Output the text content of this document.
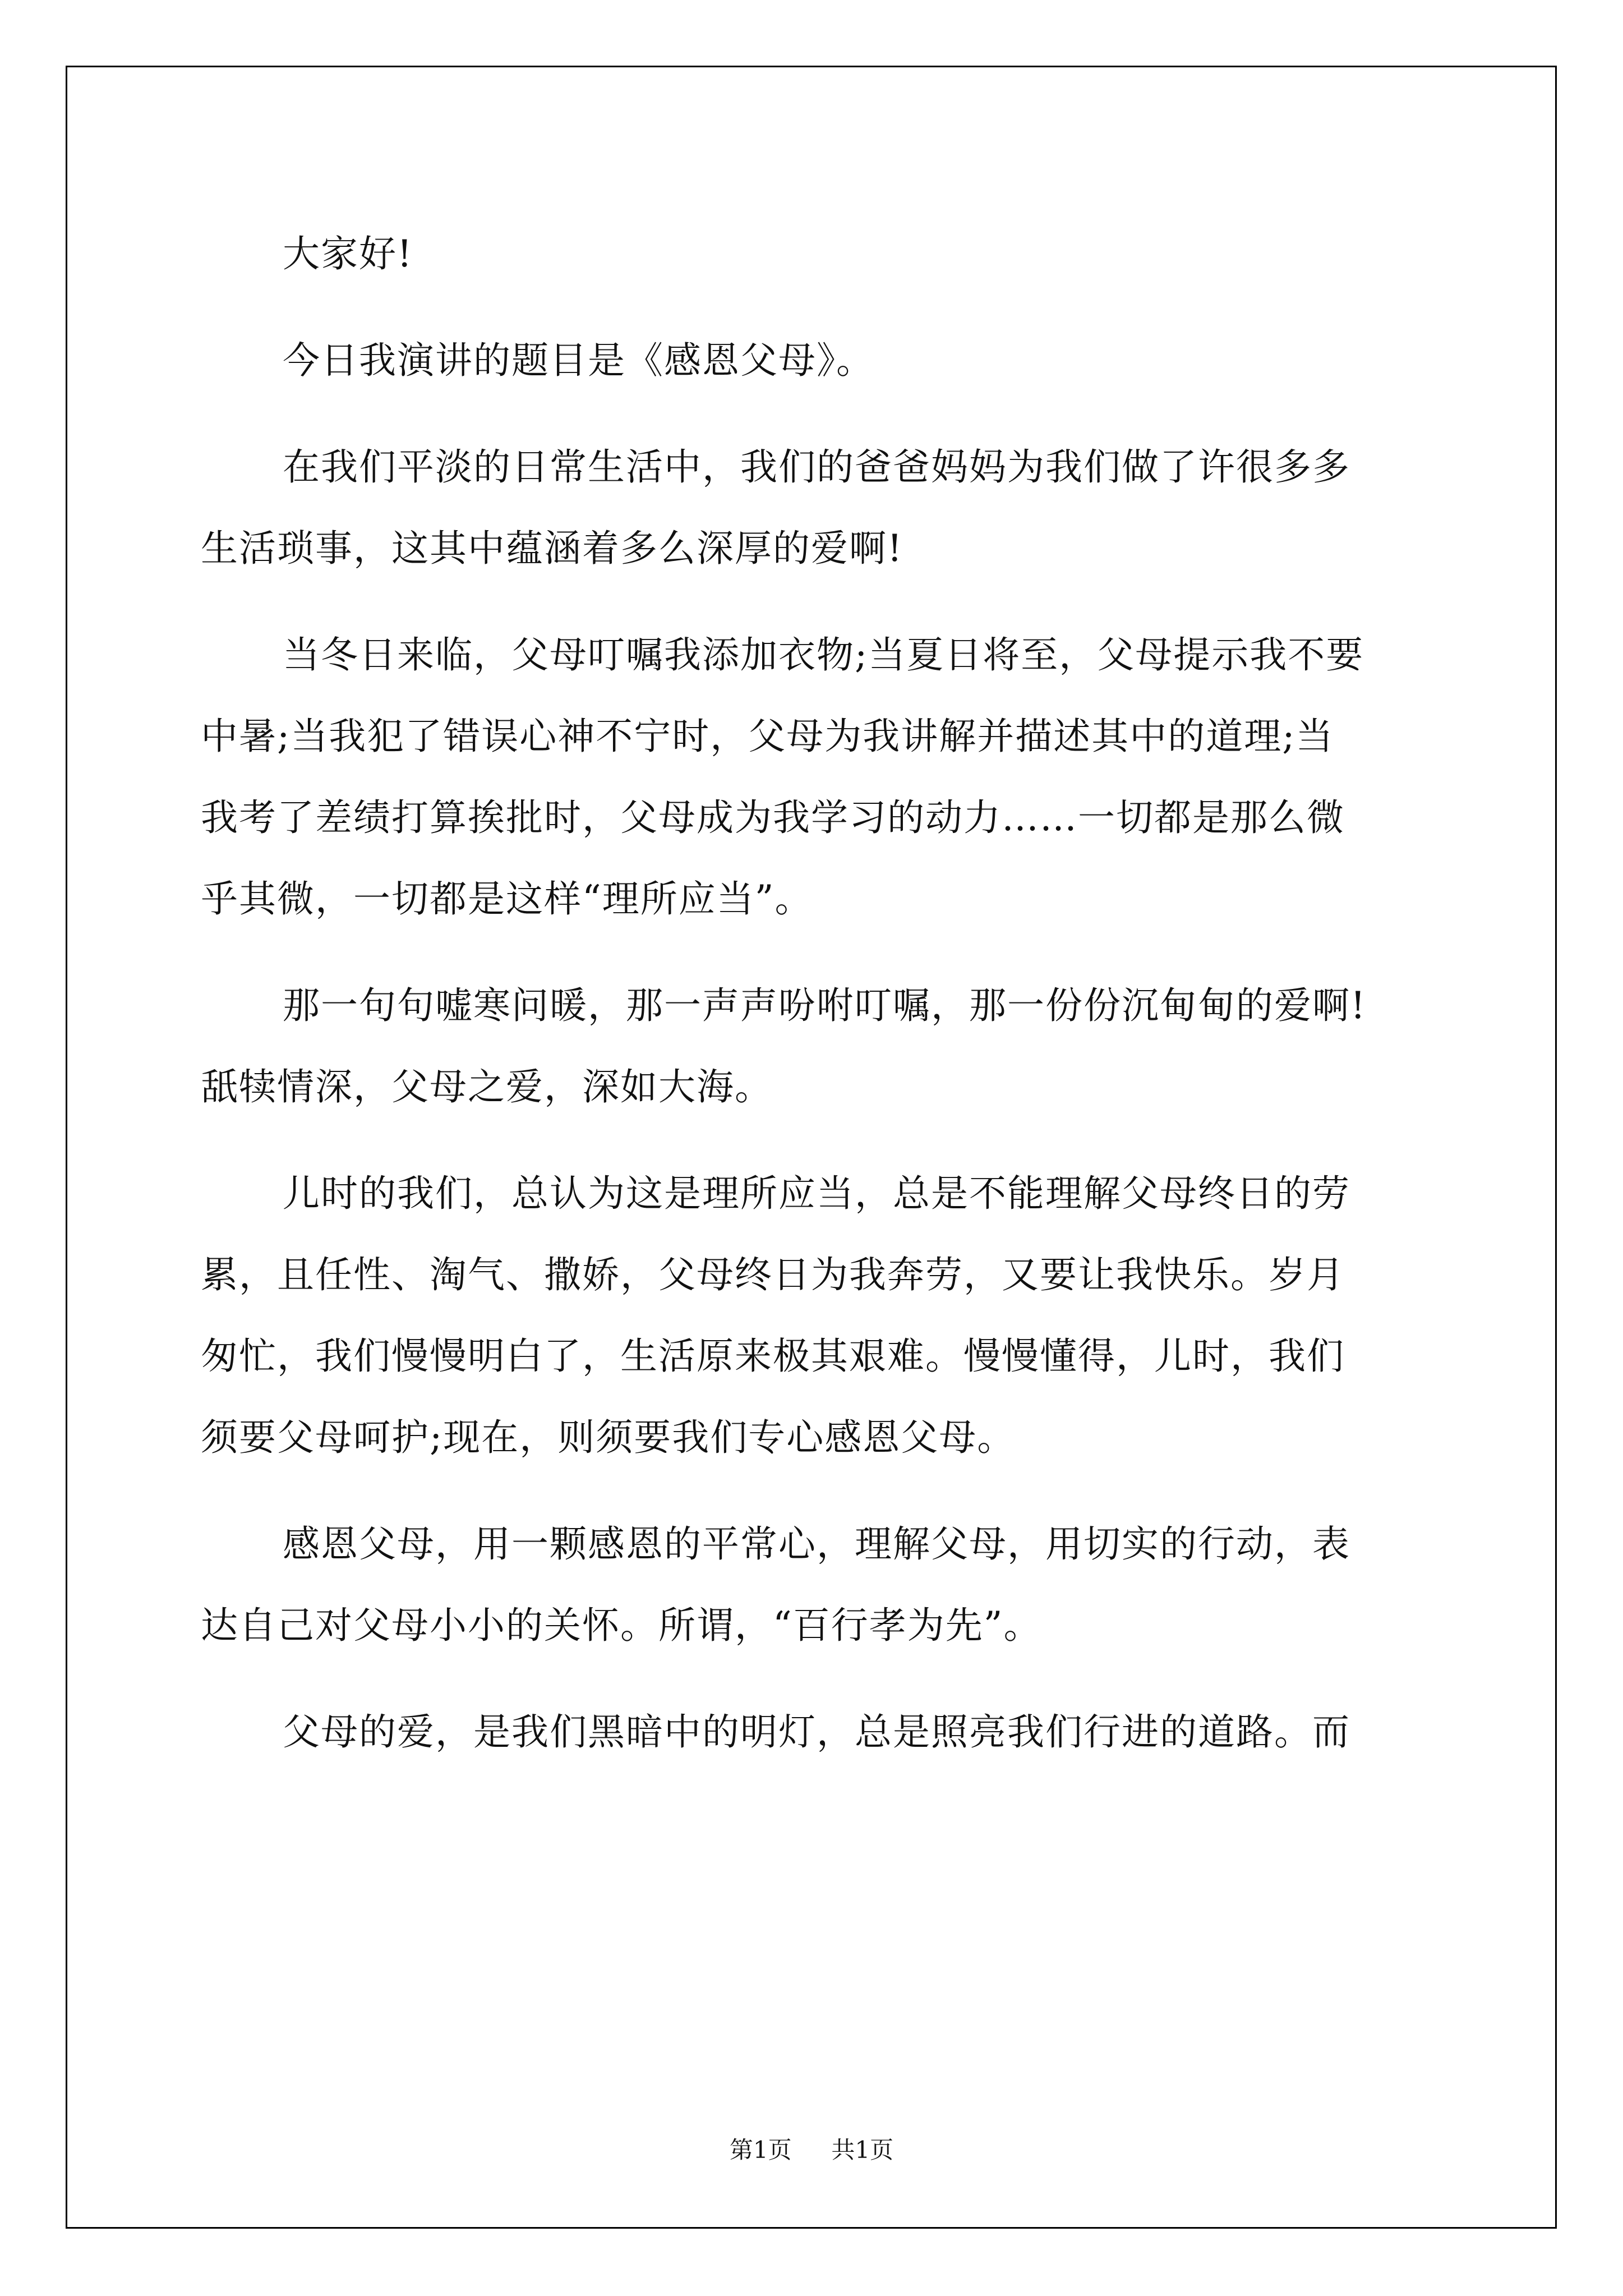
大家好!
今日我演讲的题目是《感恩父母》。
在我们平淡的日常生活中，我们的爸爸妈妈为我们做了许很多多
生活琐事，这其中蕴涵着多么深厚的爱啊!
当冬日来临，父母叮嘱我添加衣物;当夏日将至，父母提示我不要
中暑;当我犯了错误心神不宁时，父母为我讲解并描述其中的道理;当
我考了差绩打算挨批时，父母成为我学习的动力……一切都是那么微
乎其微，一切都是这样“理所应当”。
那一句句嘘寒问暖，那一声声吩咐叮嘱，那一份份沉甸甸的爱啊!
舐犊情深，父母之爱，深如大海。
儿时的我们，总认为这是理所应当，总是不能理解父母终日的劳
累，且任性、淘气、撒娇，父母终日为我奔劳，又要让我快乐。岁月
匆忙，我们慢慢明白了，生活原来极其艰难。慢慢懂得，儿时，我们
须要父母呵护;现在，则须要我们专心感恩父母。
感恩父母，用一颗感恩的平常心，理解父母，用切实的行动，表
达自己对父母小小的关怀。所谓，“百行孝为先”。
父母的爱，是我们黑暗中的明灯，总是照亮我们行进的道路。而
第1页 共1页
